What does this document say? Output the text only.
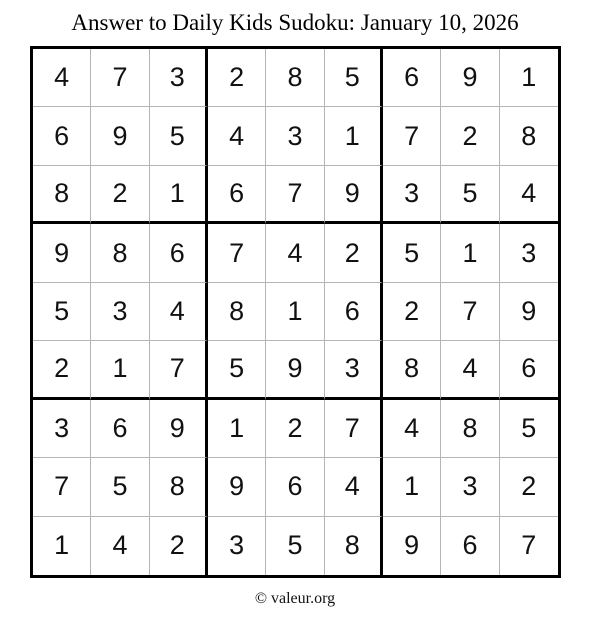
Answer to Daily Kids Sudoku: January 10, 2026
4	7	3	2	8	5	6	9	1
6	9	5	4	3	1	7	2	8
8	2	1	6	7	9	3	5	4
9	8	6	7	4	2	5	1	3
5	3	4	8	1	6	2	7	9
2	1	7	5	9	3	8	4	6
3	6	9	1	2	7	4	8	5
7	5	8	9	6	4	1	3	2
1	4	2	3	5	8	9	6	7
© valeur.org
